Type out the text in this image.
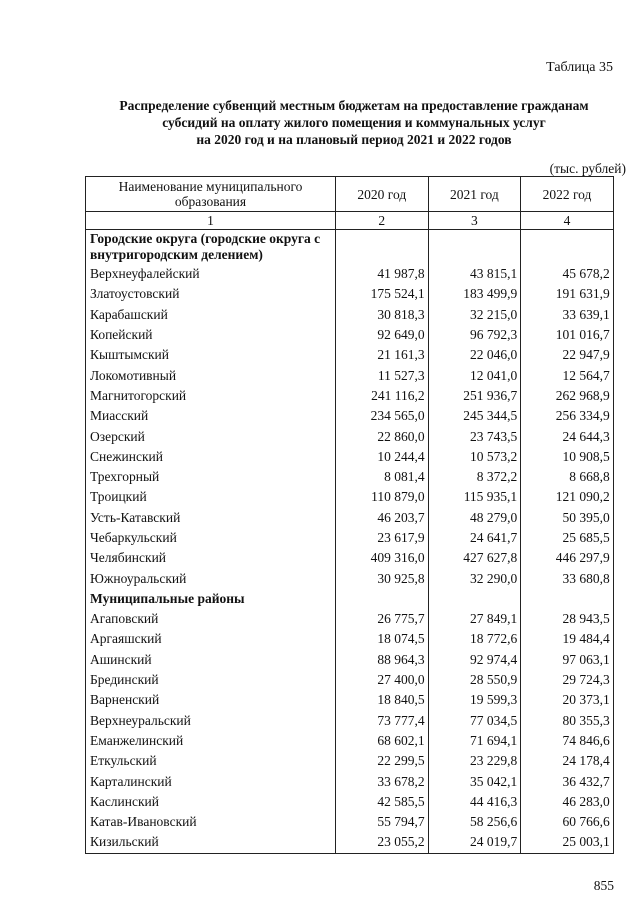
Таблица 35
Распределение субвенций местным бюджетам на предоставление гражданам
субсидий на оплату жилого помещения и коммунальных услуг
на 2020 год и на плановый период 2021 и 2022 годов
(тыс. рублей)
Наименование муниципального образования	2020 год	2021 год	2022 год
1	2	3	4
Городские округа (городские округа с внутригородским делением)			
Верхнеуфалейский	41 987,8	43 815,1	45 678,2
Златоустовский	175 524,1	183 499,9	191 631,9
Карабашский	30 818,3	32 215,0	33 639,1
Копейский	92 649,0	96 792,3	101 016,7
Кыштымский	21 161,3	22 046,0	22 947,9
Локомотивный	11 527,3	12 041,0	12 564,7
Магнитогорский	241 116,2	251 936,7	262 968,9
Миасский	234 565,0	245 344,5	256 334,9
Озерский	22 860,0	23 743,5	24 644,3
Снежинский	10 244,4	10 573,2	10 908,5
Трехгорный	8 081,4	8 372,2	8 668,8
Троицкий	110 879,0	115 935,1	121 090,2
Усть-Катавский	46 203,7	48 279,0	50 395,0
Чебаркульский	23 617,9	24 641,7	25 685,5
Челябинский	409 316,0	427 627,8	446 297,9
Южноуральский	30 925,8	32 290,0	33 680,8
Муниципальные районы			
Агаповский	26 775,7	27 849,1	28 943,5
Аргаяшский	18 074,5	18 772,6	19 484,4
Ашинский	88 964,3	92 974,4	97 063,1
Брединский	27 400,0	28 550,9	29 724,3
Варненский	18 840,5	19 599,3	20 373,1
Верхнеуральский	73 777,4	77 034,5	80 355,3
Еманжелинский	68 602,1	71 694,1	74 846,6
Еткульский	22 299,5	23 229,8	24 178,4
Карталинский	33 678,2	35 042,1	36 432,7
Каслинский	42 585,5	44 416,3	46 283,0
Катав-Ивановский	55 794,7	58 256,6	60 766,6
Кизильский	23 055,2	24 019,7	25 003,1
855
